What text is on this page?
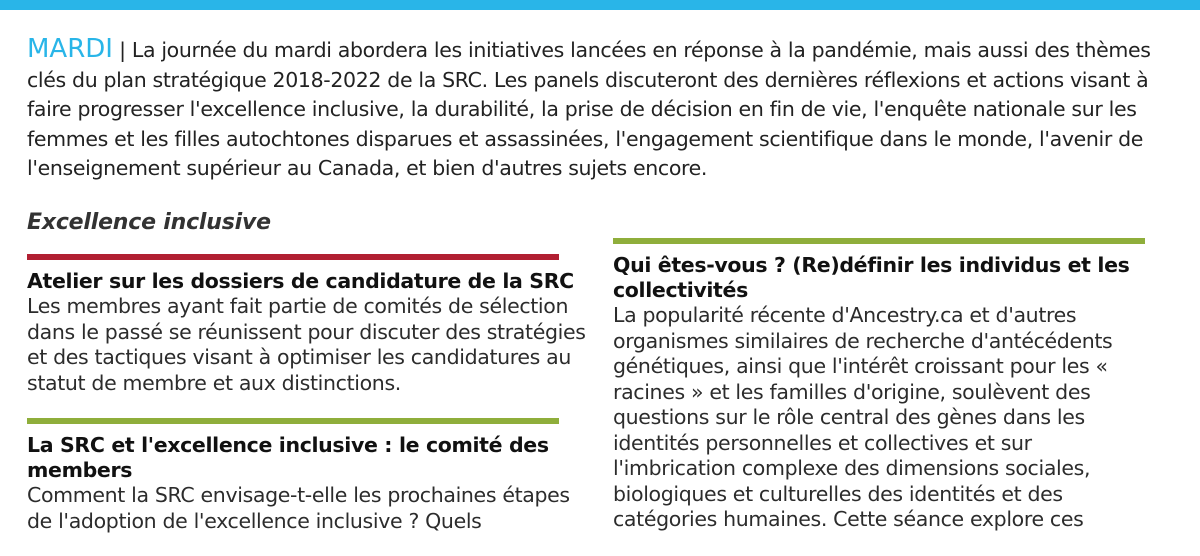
MARDI | La journée du mardi abordera les initiatives lancées en réponse à la pandémie, mais aussi des thèmes clés du plan stratégique 2018-2022 de la SRC. Les panels discuteront des dernières réflexions et actions visant à faire progresser l'excellence inclusive, la durabilité, la prise de décision en fin de vie, l'enquête nationale sur les femmes et les filles autochtones disparues et assassinées, l'engagement scientifique dans le monde, l'avenir de l'enseignement supérieur au Canada, et bien d'autres sujets encore.

Excellence inclusive
Atelier sur les dossiers de candidature de la SRC

Les membres ayant fait partie de comités de sélection dans le passé se réunissent pour discuter des stratégies et des tactiques visant à optimiser les candidatures au statut de membre et aux distinctions.

La SRC et l'excellence inclusive : le comité des members

Comment la SRC envisage-t-elle les prochaines étapes de l'adoption de l'excellence inclusive ? Quels

Qui êtes-vous ? (Re)définir les individus et les collectivités

La popularité récente d'Ancestry.ca et d'autres organismes similaires de recherche d'antécédents génétiques, ainsi que l'intérêt croissant pour les « racines » et les familles d'origine, soulèvent des questions sur le rôle central des gènes dans les identités personnelles et collectives et sur l'imbrication complexe des dimensions sociales, biologiques et culturelles des identités et des catégories humaines. Cette séance explore ces
